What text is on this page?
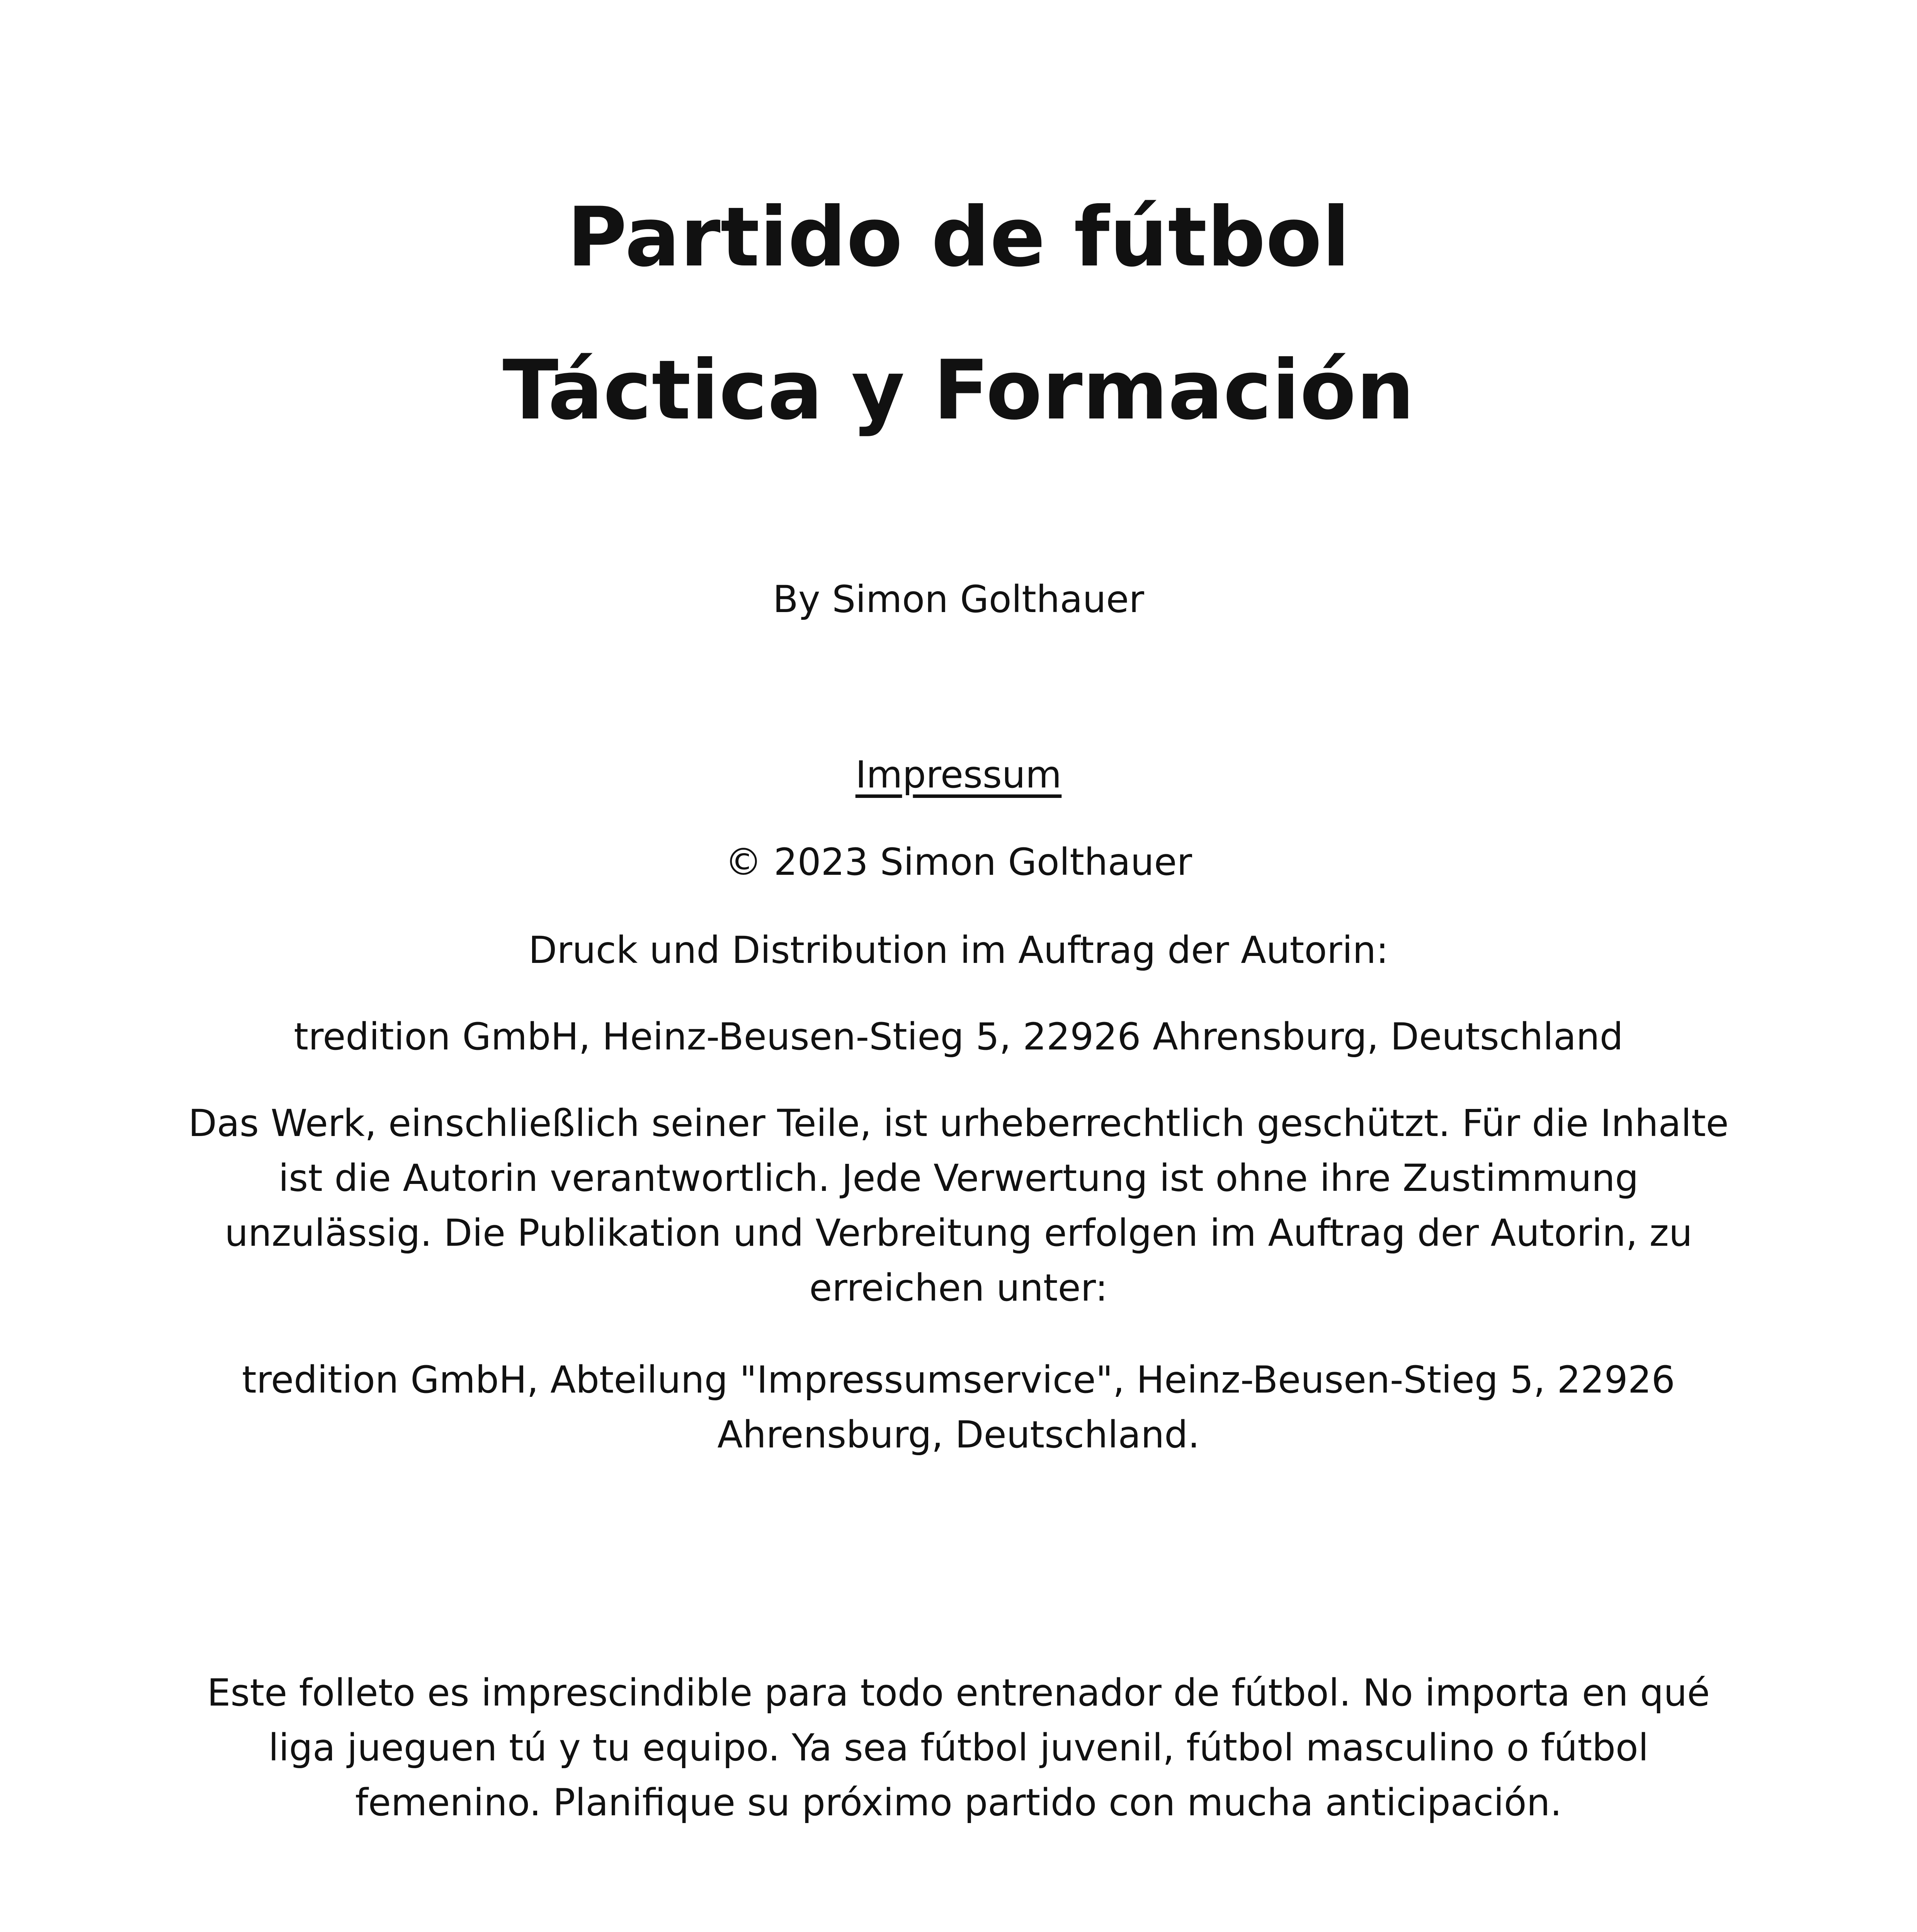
Partido de fútbol
Táctica y Formación

By Simon Golthauer

Impressum

© 2023 Simon Golthauer

Druck und Distribution im Auftrag der Autorin:

tredition GmbH, Heinz-Beusen-Stieg 5, 22926 Ahrensburg, Deutschland

Das Werk, einschließlich seiner Teile, ist urheberrechtlich geschützt. Für die Inhalte ist die Autorin verantwortlich. Jede Verwertung ist ohne ihre Zustimmung unzulässig. Die Publikation und Verbreitung erfolgen im Auftrag der Autorin, zu erreichen unter:

tredition GmbH, Abteilung "Impressumservice", Heinz-Beusen-Stieg 5, 22926 Ahrensburg, Deutschland.

Este folleto es imprescindible para todo entrenador de fútbol. No importa en qué liga jueguen tú y tu equipo. Ya sea fútbol juvenil, fútbol masculino o fútbol femenino. Planifique su próximo partido con mucha anticipación.
